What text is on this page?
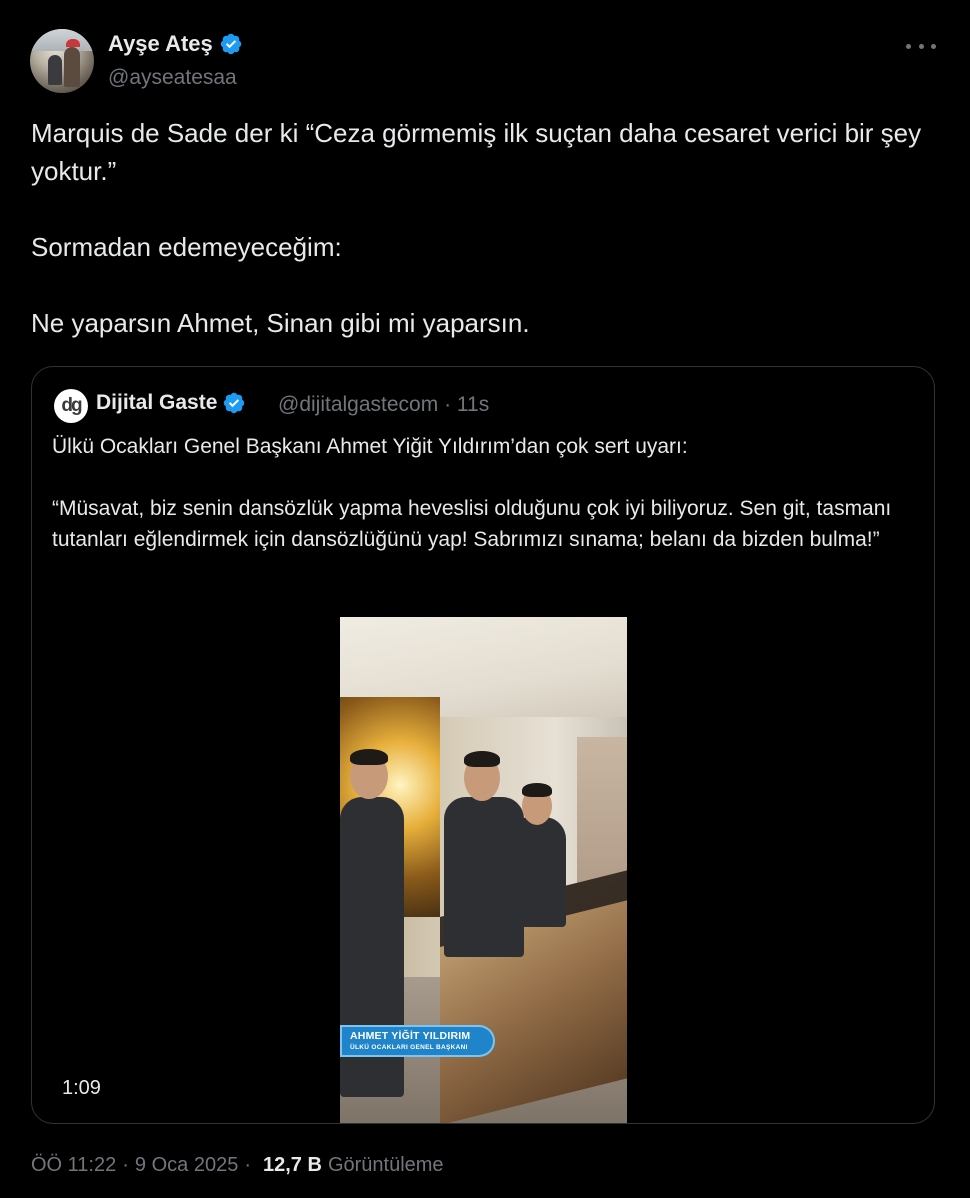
Ayşe Ateş
@ayseatesaa

Marquis de Sade der ki “Ceza görmemiş ilk suçtan daha cesaret verici bir şey yoktur.”

Sormadan edemeyeceğim:

Ne yaparsın Ahmet, Sinan gibi mi yaparsın.

dg Dijital Gaste	@dijitalgastecom · 11s

Ülkü Ocakları Genel Başkanı Ahmet Yiğit Yıldırım’dan çok sert uyarı:

“Müsavat, biz senin dansözlük yapma heveslisi olduğunu çok iyi biliyoruz. Sen git, tasmanı tutanları eğlendirmek için dansözlüğünü yap! Sabrımızı sınama; belanı da bizden bulma!”

AHMET YİĞİT YILDIRIM
ÜLKÜ OCAKLARI GENEL BAŞKANI
1:09
ÖÖ 11:22 · 9 Oca 2025 · 12,7 B Görüntüleme
